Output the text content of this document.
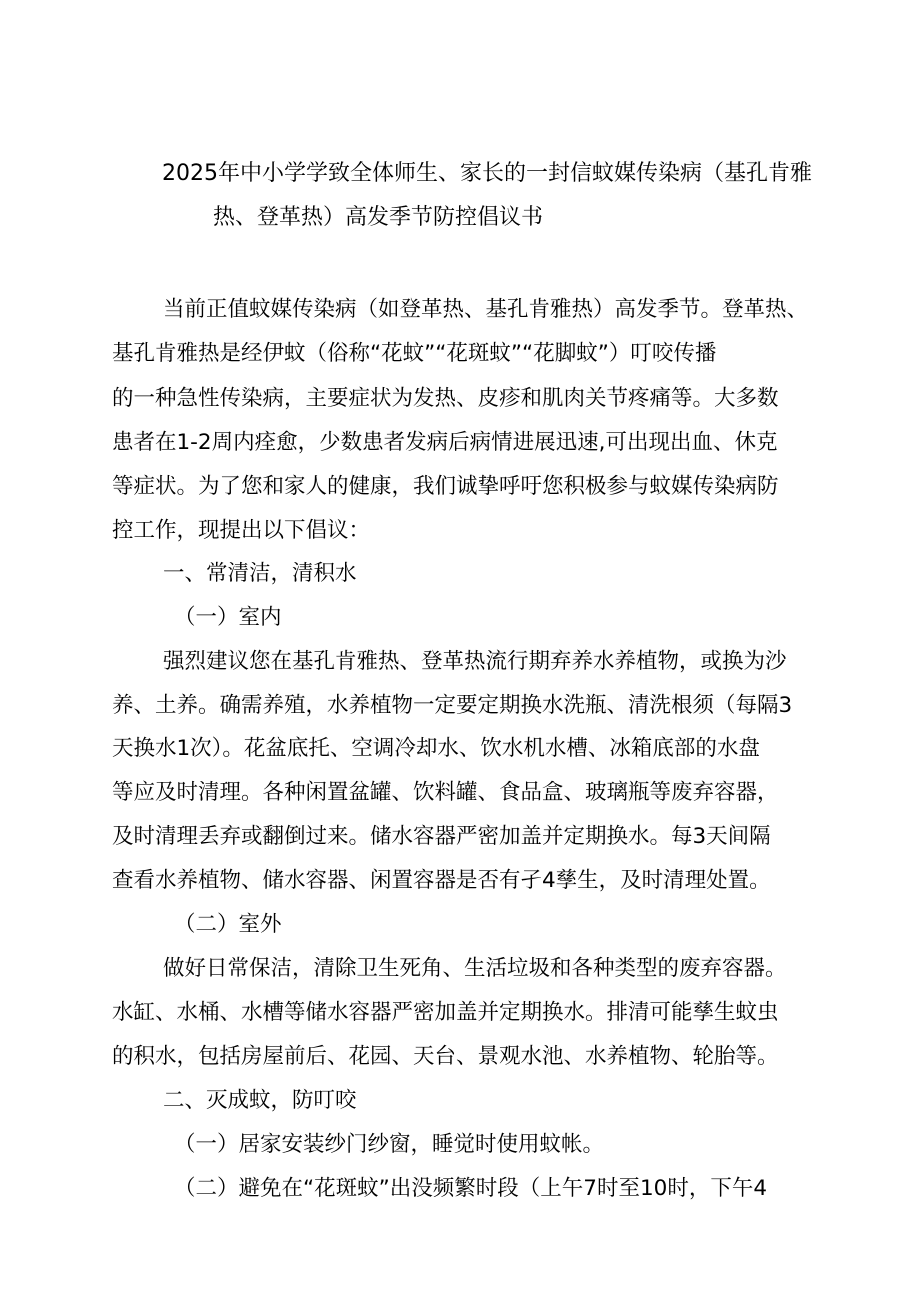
2025年中小学学致全体师生、家长的一封信蚊媒传染病（基孔肯雅
热、登革热）高发季节防控倡议书
当前正值蚊媒传染病（如登革热、基孔肯雅热）高发季节。登革热、
基孔肯雅热是经伊蚊（俗称“花蚊”“花斑蚊”“花脚蚊”）叮咬传播
的一种急性传染病，主要症状为发热、皮疹和肌肉关节疼痛等。大多数
患者在1-2周内痊愈，少数患者发病后病情进展迅速,可出现出血、休克
等症状。为了您和家人的健康，我们诚挚呼吁您积极参与蚊媒传染病防
控工作，现提出以下倡议：
一、常清洁，清积水
（一）室内
强烈建议您在基孔肯雅热、登革热流行期弃养水养植物，或换为沙
养、土养。确需养殖，水养植物一定要定期换水洗瓶、清洗根须（每隔3
天换水1次）。花盆底托、空调冷却水、饮水机水槽、冰箱底部的水盘
等应及时清理。各种闲置盆罐、饮料罐、食品盒、玻璃瓶等废弃容器，
及时清理丢弃或翻倒过来。储水容器严密加盖并定期换水。每3天间隔
查看水养植物、储水容器、闲置容器是否有孑4孳生，及时清理处置。
（二）室外
做好日常保洁，清除卫生死角、生活垃圾和各种类型的废弃容器。
水缸、水桶、水槽等储水容器严密加盖并定期换水。排清可能孳生蚊虫
的积水，包括房屋前后、花园、天台、景观水池、水养植物、轮胎等。
二、灭成蚊，防叮咬
（一）居家安装纱门纱窗，睡觉时使用蚊帐。
（二）避免在“花斑蚊”出没频繁时段（上午7时至10时，下午4
